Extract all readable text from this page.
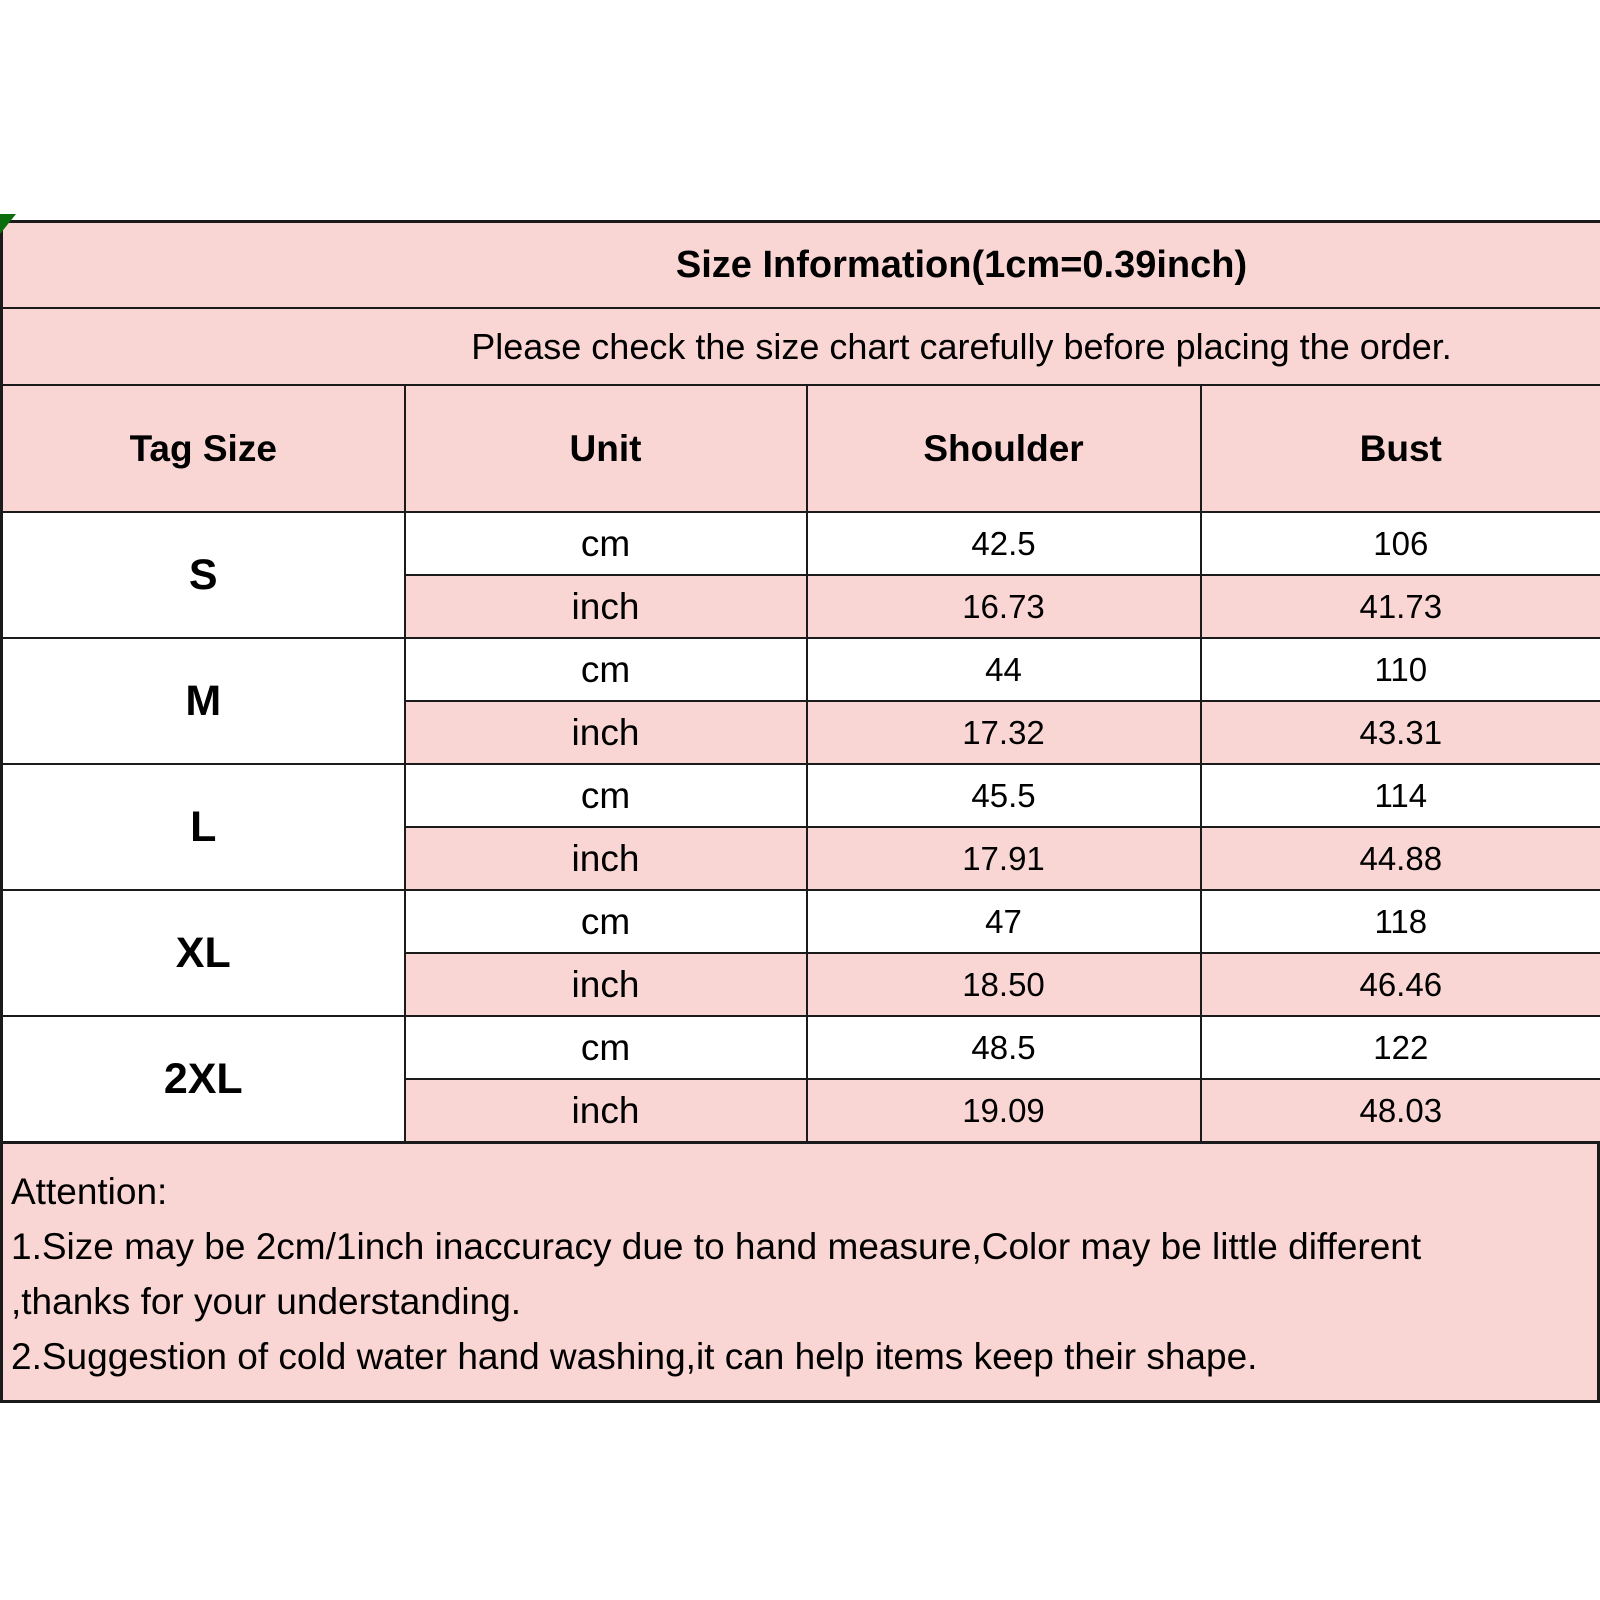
Size Information(1cm=0.39inch)			
Please check the size chart carefully before placing the order.			
Tag Size	Unit	Shoulder	Bust
S	cm	42.5	106
	inch	16.73	41.73
M	cm	44	110
	inch	17.32	43.31
L	cm	45.5	114
	inch	17.91	44.88
XL	cm	47	118
	inch	18.50	46.46
2XL	cm	48.5	122
	inch	19.09	48.03
Attention:
1.Size may be 2cm/1inch inaccuracy due to hand measure,Color may be little different
,thanks for your understanding.
2.Suggestion of cold water hand washing,it can help items keep their shape.
